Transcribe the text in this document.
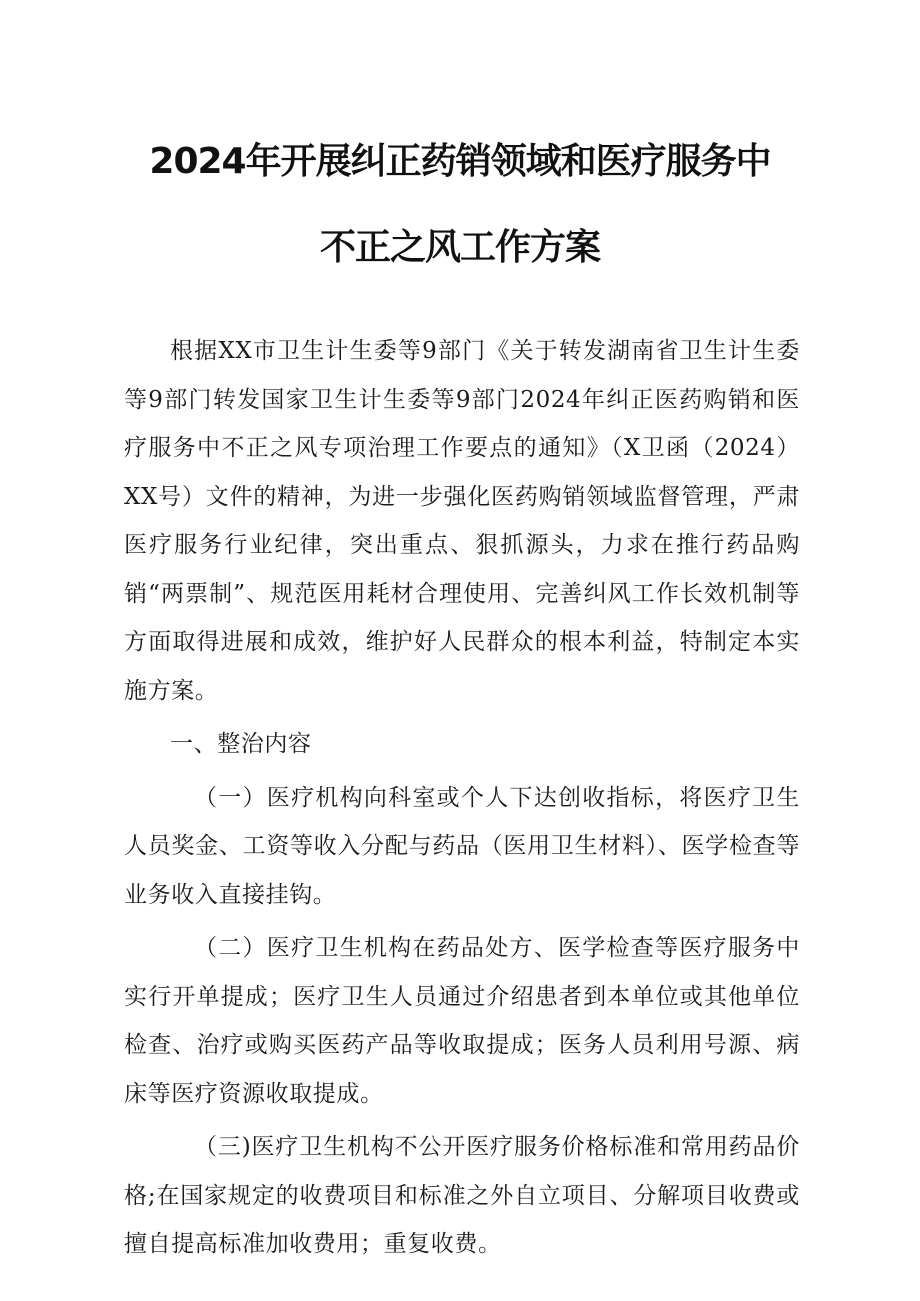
2024年开展纠正药销领域和医疗服务中
不正之风工作方案

根据XX市卫生计生委等9部门《关于转发湖南省卫生计生委等9部门转发国家卫生计生委等9部门2024年纠正医药购销和医疗服务中不正之风专项治理工作要点的通知》（X卫函（2024）XX号）文件的精神，为进一步强化医药购销领域监督管理，严肃医疗服务行业纪律，突出重点、狠抓源头，力求在推行药品购销“两票制”、规范医用耗材合理使用、完善纠风工作长效机制等方面取得进展和成效，维护好人民群众的根本利益，特制定本实施方案。

一、整治内容

（一）医疗机构向科室或个人下达创收指标，将医疗卫生人员奖金、工资等收入分配与药品（医用卫生材料）、医学检查等业务收入直接挂钩。

（二）医疗卫生机构在药品处方、医学检查等医疗服务中实行开单提成；医疗卫生人员通过介绍患者到本单位或其他单位检查、治疗或购买医药产品等收取提成；医务人员利用号源、病床等医疗资源收取提成。

（三)医疗卫生机构不公开医疗服务价格标准和常用药品价格;在国家规定的收费项目和标准之外自立项目、分解项目收费或擅自提高标准加收费用；重复收费。
